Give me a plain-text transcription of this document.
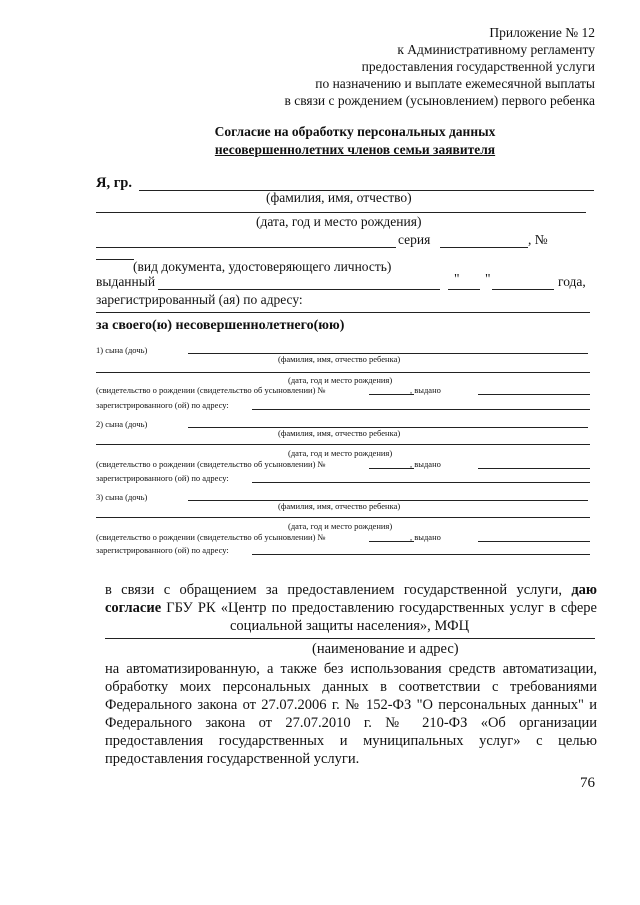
Приложение № 12
к Административному регламенту
предоставления государственной услуги
по назначению и выплате ежемесячной выплаты
в связи с рождением (усыновлением) первого ребенка
Согласие на обработку персональных данных
несовершеннолетних членов семьи заявителя
Я, гр.
(фамилия, имя, отчество)
(дата, год и место рождения)
серия	, №
(вид документа, удостоверяющего личность)
выданный	" "	года,
зарегистрированный (ая) по адресу:
за своего(ю) несовершеннолетнего(юю)
1) сына (дочь)
(фамилия, имя, отчество ребенка)
(дата, год и место рождения)
(свидетельство о рождении (свидетельство об усыновлении) №	, выдано
зарегистрированного (ой) по адресу:
2) сына (дочь)
(фамилия, имя, отчество ребенка)
(дата, год и место рождения)
(свидетельство о рождении (свидетельство об усыновлении) №	, выдано
зарегистрированного (ой) по адресу:
3) сына (дочь)
(фамилия, имя, отчество ребенка)
(дата, год и место рождения)
(свидетельство о рождении (свидетельство об усыновлении) №	, выдано
зарегистрированного (ой) по адресу:
в связи с обращением за предоставлением государственной услуги, даю
согласие ГБУ РК «Центр по предоставлению государственных услуг в сфере
социальной защиты населения», МФЦ
(наименование и адрес)
на автоматизированную, а также без использования средств автоматизации,
обработку моих персональных данных в соответствии с требованиями
Федерального закона от 27.07.2006 г. № 152-ФЗ "О персональных данных" и
Федерального закона от 27.07.2010 г. № 210-ФЗ «Об организации
предоставления государственных и муниципальных услуг» с целью
предоставления государственной услуги.
76
